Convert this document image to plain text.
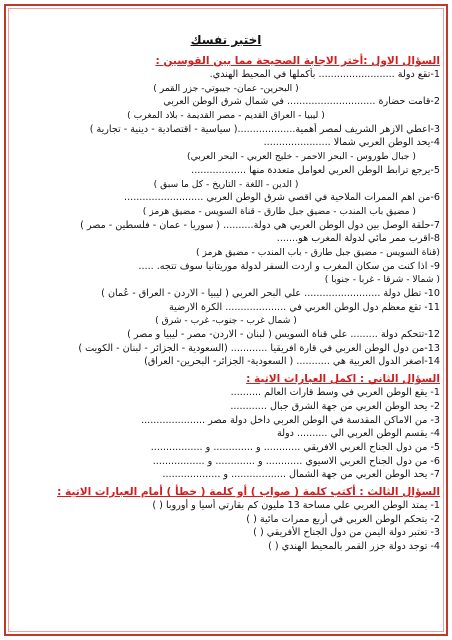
اختبر نفسك
السؤال الاول :أختر الاجابة الصحيحة مما بين القوسين :
1-تقع دولة ......................... بأكملها في المحيط الهندي.
( البحرين- عمان- جيبوتي- جزر القمر )
2-قامت حضارة ............................. في شمال شرق الوطن العربي
( ليبيا - العراق القديم - مصر القديمة - بلاد المغرب )
3-اعطي الازهر الشريف لمصر أهمية...................( سياسية - اقتصادية - دينية - تجارية )
4-يحد الوطن العربي شمالا ......................
( جبال طوروس - البحر الاحمر - خليج العربي - البحر العربي)
5-يرجع ترابط الوطن العربي لعوامل متعددة منها ..................
( الدين - اللغة - التاريخ - كل ما سبق )
6-من اهم الممرات الملاحية في اقصي شرق الوطن العربي ..........................
( مضيق باب المندب - مضيق جبل طارق - قناة السويس - مضيق هرمز )
7-حلقة الوصل بين دول الوطن العربي هي دولة.......... ( سوريا - عمان - فلسطين - مصر )
8-اقرب ممر مائي لدولة المغرب هو.......
(قناة السويس - مضيق جبل طارق - باب المندب - مضيق هرمز )
9- اذا كنت من سكان المغرب و اردت السفر لدولة موريتانيا سوف تتجه. .....
( شمالا - شرقا - غربا - جنوبا )
10- تطل دولة ......................... علي البحر العربي ( ليبيا - الاردن - العراق - عُمان )
11- تقع معظم دول الوطن العربي في .................... الكرة الارضية
( شمال غرب - جنوب- غرب - شرق )
12-تتحكم دولة ......... علي قناة السويس ( لبنان - الاردن- مصر - ليبيا و مصر )
13-من دول الوطن العربي في قارة افريقيا ............ (السعودية - الجزائر - لبنان - الكويت )
14-اصغر الدول العربية هي ........... ( السعودية- الجزائر- البحرين- العراق)
السؤال الثاني : اكمل العبارات الاتية :
1- يقع الوطن العربي في وسط قارات العالم ..........
2- يحد الوطن العربي من جهة الشرق جبال ............
3- من الاماكن المقدسة في الوطن العربي داخل دولة مصر .....................
4- يقسم الوطن العربي الي .......... دولة
5- من دول الجناح العربي الافريقي ............ و ............. و .................
6- من دول الجناح العربي الاسيوي ............ و ............. و .................
7- يحد الوطن العربي من جهة الشمال .................. و ...................
السؤال الثالث : أكتب كلمة ( صواب ) أو كلمة ( خطأ ) أمام العبارات الاتية :
1- يمتد الوطن العربي علي مساحة 13 مليون كم بقارتي أسيا و أوروبا ( )
2- يتحكم الوطن العربي في أربع ممرات مائية ( )
3- تعتبر دولة اليمن من دول الجناح الأفريقي ( )
4- توجد دولة جزر القمر بالمحيط الهندي ( )
